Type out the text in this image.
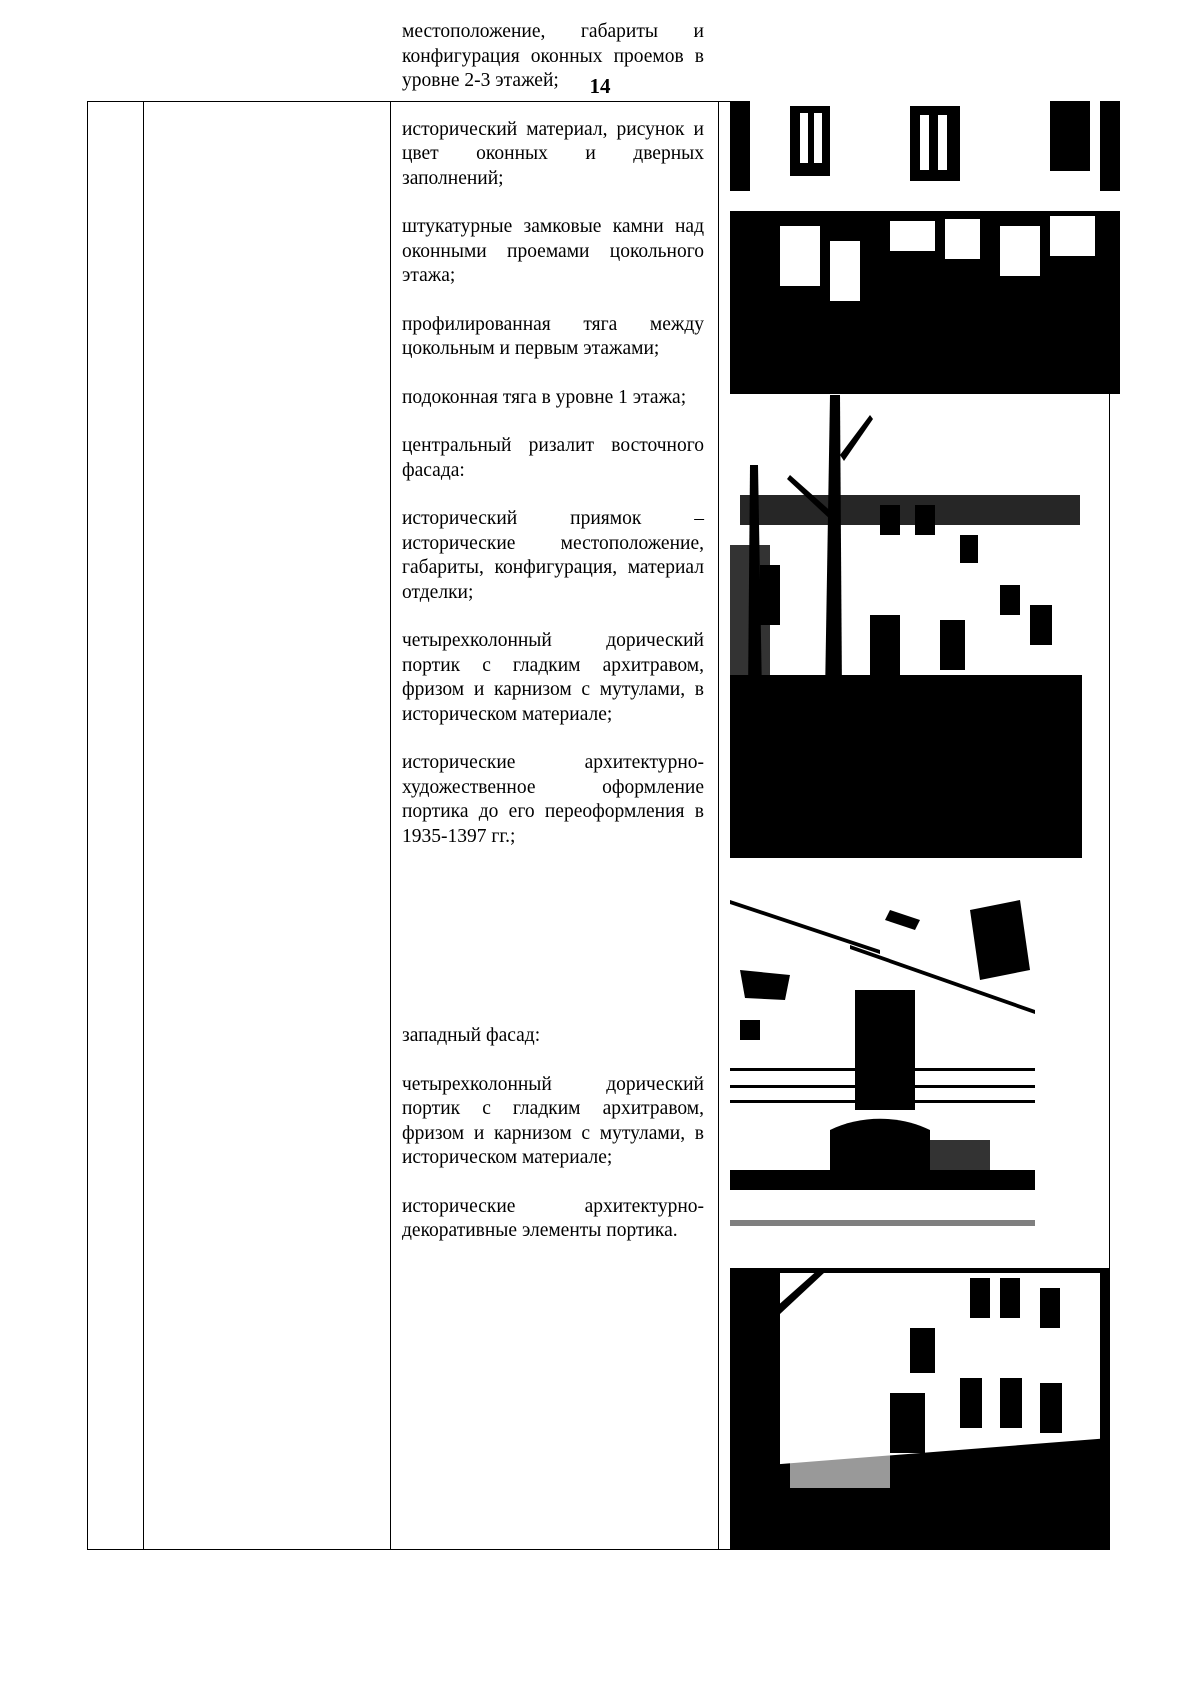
14

местоположение, габариты и конфигурация оконных проемов в уровне 2-3 этажей;

исторический материал, рисунок и цвет оконных и дверных заполнений;

штукатурные замковые камни над оконными проемами цокольного этажа;

профилированная тяга между цокольным и первым этажами;

подоконная тяга в уровне 1 этажа;

центральный ризалит восточного фасада:

исторический приямок – исторические местоположение, габариты, конфигурация, материал отделки;

четырехколонный дорический портик с гладким архитравом, фризом и карнизом с мутулами, в историческом материале;

исторические архитектурно-художественное оформление портика до его переоформления в 1935-1397 гг.;

западный фасад:

четырехколонный дорический портик с гладким архитравом, фризом и карнизом с мутулами, в историческом материале;

исторические архитектурно-декоративные элементы портика.
